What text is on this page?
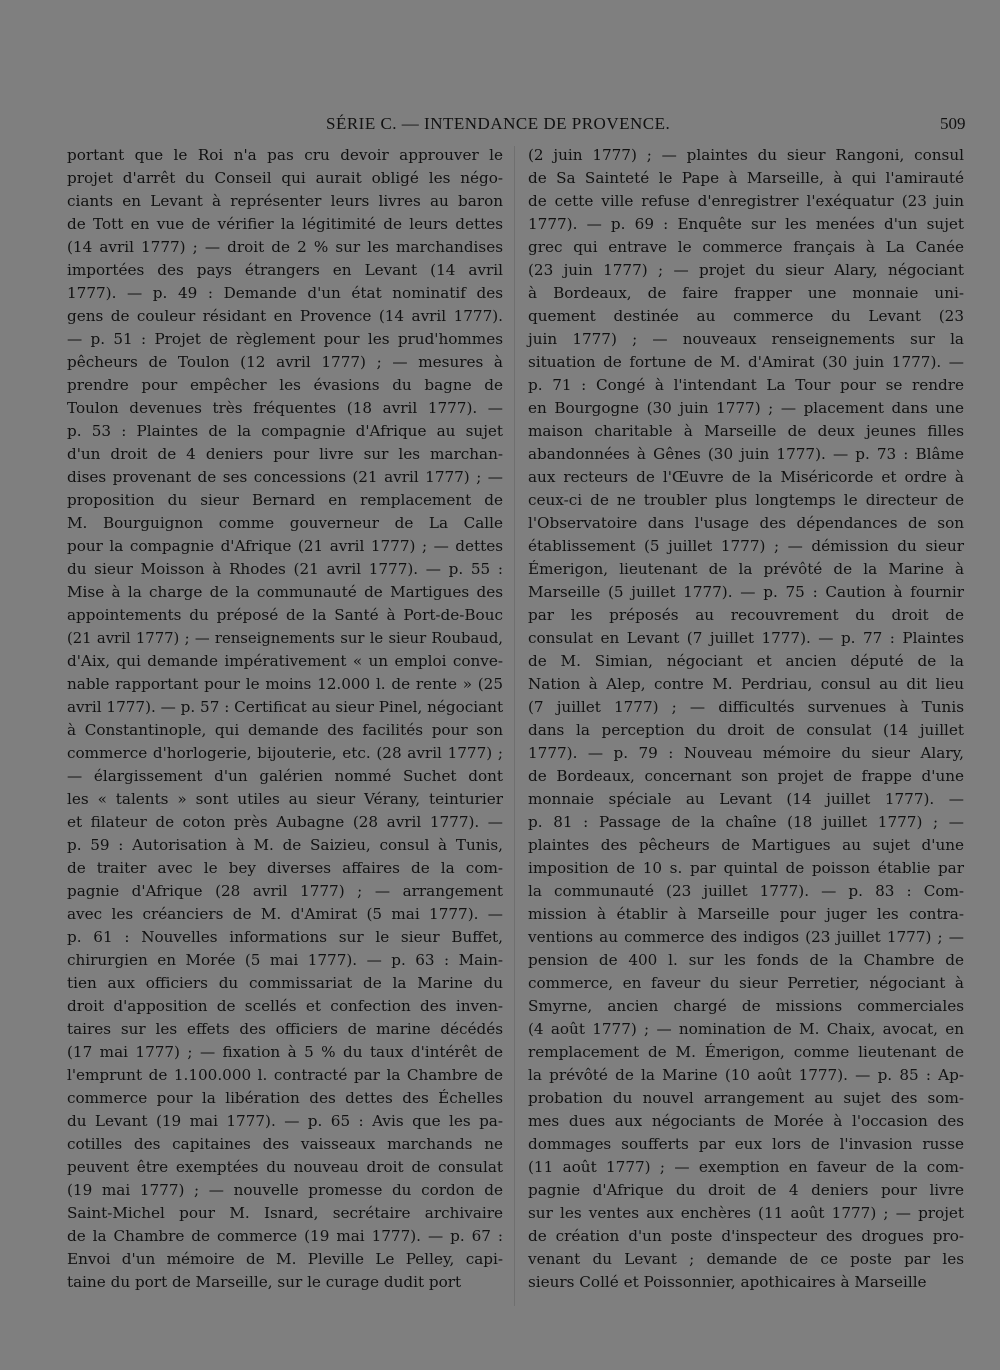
SÉRIE C. — INTENDANCE DE PROVENCE.	509
portant que le Roi n'a pas cru devoir approuver le
projet d'arrêt du Conseil qui aurait obligé les négo-
ciants en Levant à représenter leurs livres au baron
de Tott en vue de vérifier la légitimité de leurs dettes
(14 avril 1777) ; — droit de 2 % sur les marchandises
importées des pays étrangers en Levant (14 avril
1777). — p. 49 : Demande d'un état nominatif des
gens de couleur résidant en Provence (14 avril 1777).
— p. 51 : Projet de règlement pour les prud'hommes
pêcheurs de Toulon (12 avril 1777) ; — mesures à
prendre pour empêcher les évasions du bagne de
Toulon devenues très fréquentes (18 avril 1777). —
p. 53 : Plaintes de la compagnie d'Afrique au sujet
d'un droit de 4 deniers pour livre sur les marchan-
dises provenant de ses concessions (21 avril 1777) ; —
proposition du sieur Bernard en remplacement de
M. Bourguignon comme gouverneur de La Calle
pour la compagnie d'Afrique (21 avril 1777) ; — dettes
du sieur Moisson à Rhodes (21 avril 1777). — p. 55 :
Mise à la charge de la communauté de Martigues des
appointements du préposé de la Santé à Port-de-Bouc
(21 avril 1777) ; — renseignements sur le sieur Roubaud,
d'Aix, qui demande impérativement « un emploi conve-
nable rapportant pour le moins 12.000 l. de rente » (25
avril 1777). — p. 57 : Certificat au sieur Pinel, négociant
à Constantinople, qui demande des facilités pour son
commerce d'horlogerie, bijouterie, etc. (28 avril 1777) ;
— élargissement d'un galérien nommé Suchet dont
les « talents » sont utiles au sieur Vérany, teinturier
et filateur de coton près Aubagne (28 avril 1777). —
p. 59 : Autorisation à M. de Saizieu, consul à Tunis,
de traiter avec le bey diverses affaires de la com-
pagnie d'Afrique (28 avril 1777) ; — arrangement
avec les créanciers de M. d'Amirat (5 mai 1777). —
p. 61 : Nouvelles informations sur le sieur Buffet,
chirurgien en Morée (5 mai 1777). — p. 63 : Main-
tien aux officiers du commissariat de la Marine du
droit d'apposition de scellés et confection des inven-
taires sur les effets des officiers de marine décédés
(17 mai 1777) ; — fixation à 5 % du taux d'intérêt de
l'emprunt de 1.100.000 l. contracté par la Chambre de
commerce pour la libération des dettes des Échelles
du Levant (19 mai 1777). — p. 65 : Avis que les pa-
cotilles des capitaines des vaisseaux marchands ne
peuvent être exemptées du nouveau droit de consulat
(19 mai 1777) ; — nouvelle promesse du cordon de
Saint-Michel pour M. Isnard, secrétaire archivaire
de la Chambre de commerce (19 mai 1777). — p. 67 :
Envoi d'un mémoire de M. Pleville Le Pelley, capi-
taine du port de Marseille, sur le curage dudit port
(2 juin 1777) ; — plaintes du sieur Rangoni, consul
de Sa Sainteté le Pape à Marseille, à qui l'amirauté
de cette ville refuse d'enregistrer l'exéquatur (23 juin
1777). — p. 69 : Enquête sur les menées d'un sujet
grec qui entrave le commerce français à La Canée
(23 juin 1777) ; — projet du sieur Alary, négociant
à Bordeaux, de faire frapper une monnaie uni-
quement destinée au commerce du Levant (23
juin 1777) ; — nouveaux renseignements sur la
situation de fortune de M. d'Amirat (30 juin 1777). —
p. 71 : Congé à l'intendant La Tour pour se rendre
en Bourgogne (30 juin 1777) ; — placement dans une
maison charitable à Marseille de deux jeunes filles
abandonnées à Gênes (30 juin 1777). — p. 73 : Blâme
aux recteurs de l'Œuvre de la Miséricorde et ordre à
ceux-ci de ne troubler plus longtemps le directeur de
l'Observatoire dans l'usage des dépendances de son
établissement (5 juillet 1777) ; — démission du sieur
Émerigon, lieutenant de la prévôté de la Marine à
Marseille (5 juillet 1777). — p. 75 : Caution à fournir
par les préposés au recouvrement du droit de
consulat en Levant (7 juillet 1777). — p. 77 : Plaintes
de M. Simian, négociant et ancien député de la
Nation à Alep, contre M. Perdriau, consul au dit lieu
(7 juillet 1777) ; — difficultés survenues à Tunis
dans la perception du droit de consulat (14 juillet
1777). — p. 79 : Nouveau mémoire du sieur Alary,
de Bordeaux, concernant son projet de frappe d'une
monnaie spéciale au Levant (14 juillet 1777). —
p. 81 : Passage de la chaîne (18 juillet 1777) ; —
plaintes des pêcheurs de Martigues au sujet d'une
imposition de 10 s. par quintal de poisson établie par
la communauté (23 juillet 1777). — p. 83 : Com-
mission à établir à Marseille pour juger les contra-
ventions au commerce des indigos (23 juillet 1777) ; —
pension de 400 l. sur les fonds de la Chambre de
commerce, en faveur du sieur Perretier, négociant à
Smyrne, ancien chargé de missions commerciales
(4 août 1777) ; — nomination de M. Chaix, avocat, en
remplacement de M. Émerigon, comme lieutenant de
la prévôté de la Marine (10 août 1777). — p. 85 : Ap-
probation du nouvel arrangement au sujet des som-
mes dues aux négociants de Morée à l'occasion des
dommages soufferts par eux lors de l'invasion russe
(11 août 1777) ; — exemption en faveur de la com-
pagnie d'Afrique du droit de 4 deniers pour livre
sur les ventes aux enchères (11 août 1777) ; — projet
de création d'un poste d'inspecteur des drogues pro-
venant du Levant ; demande de ce poste par les
sieurs Collé et Poissonnier, apothicaires à Marseille
